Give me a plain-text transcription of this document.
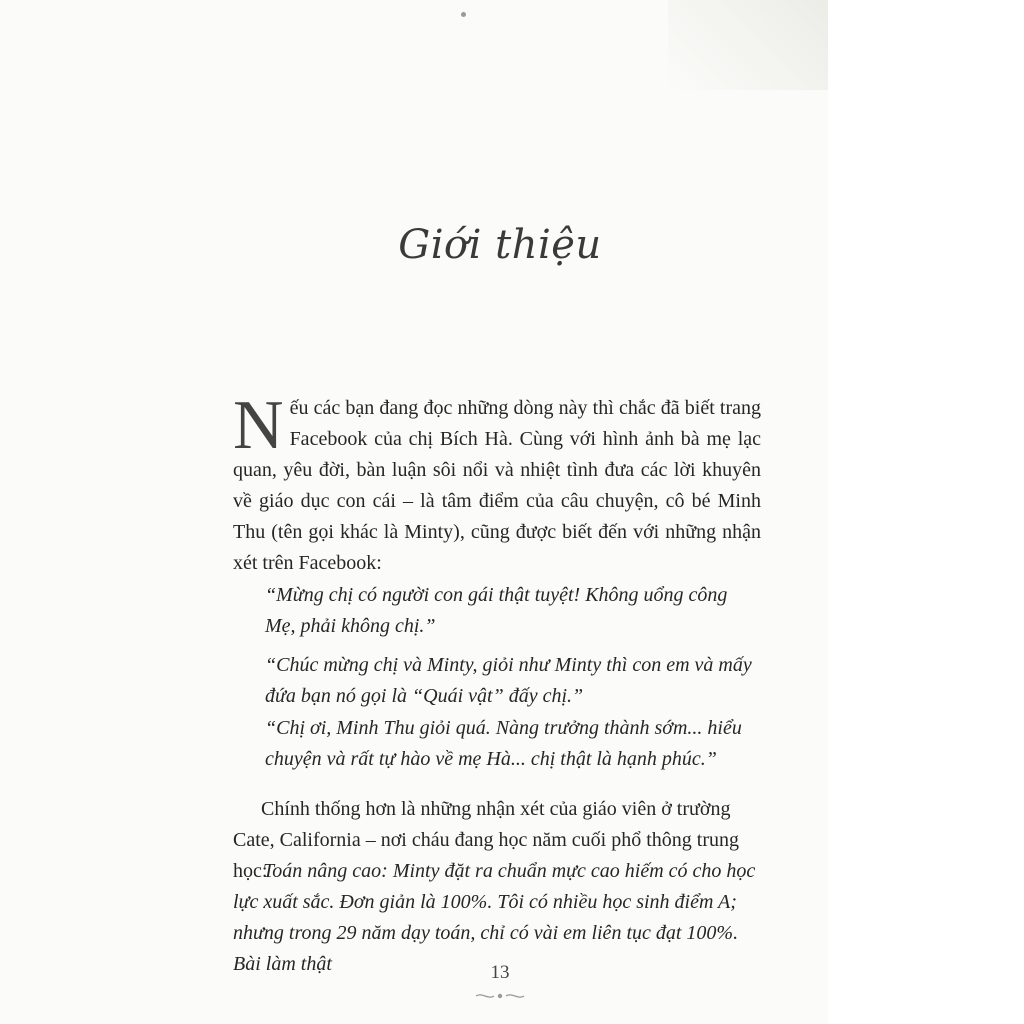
Giới thiệu
Nếu các bạn đang đọc những dòng này thì chắc đã biết trang Facebook của chị Bích Hà. Cùng với hình ảnh bà mẹ lạc quan, yêu đời, bàn luận sôi nổi và nhiệt tình đưa các lời khuyên về giáo dục con cái – là tâm điểm của câu chuyện, cô bé Minh Thu (tên gọi khác là Minty), cũng được biết đến với những nhận xét trên Facebook:
“Mừng chị có người con gái thật tuyệt! Không uổng công Mẹ, phải không chị.”
“Chúc mừng chị và Minty, giỏi như Minty thì con em và mấy đứa bạn nó gọi là “Quái vật” đấy chị.”
“Chị ơi, Minh Thu giỏi quá. Nàng trưởng thành sớm... hiểu chuyện và rất tự hào về mẹ Hà... chị thật là hạnh phúc.”
Chính thống hơn là những nhận xét của giáo viên ở trường Cate, California – nơi cháu đang học năm cuối phổ thông trung học:
Toán nâng cao: Minty đặt ra chuẩn mực cao hiếm có cho học lực xuất sắc. Đơn giản là 100%. Tôi có nhiều học sinh điểm A; nhưng trong 29 năm dạy toán, chỉ có vài em liên tục đạt 100%. Bài làm thật	13
